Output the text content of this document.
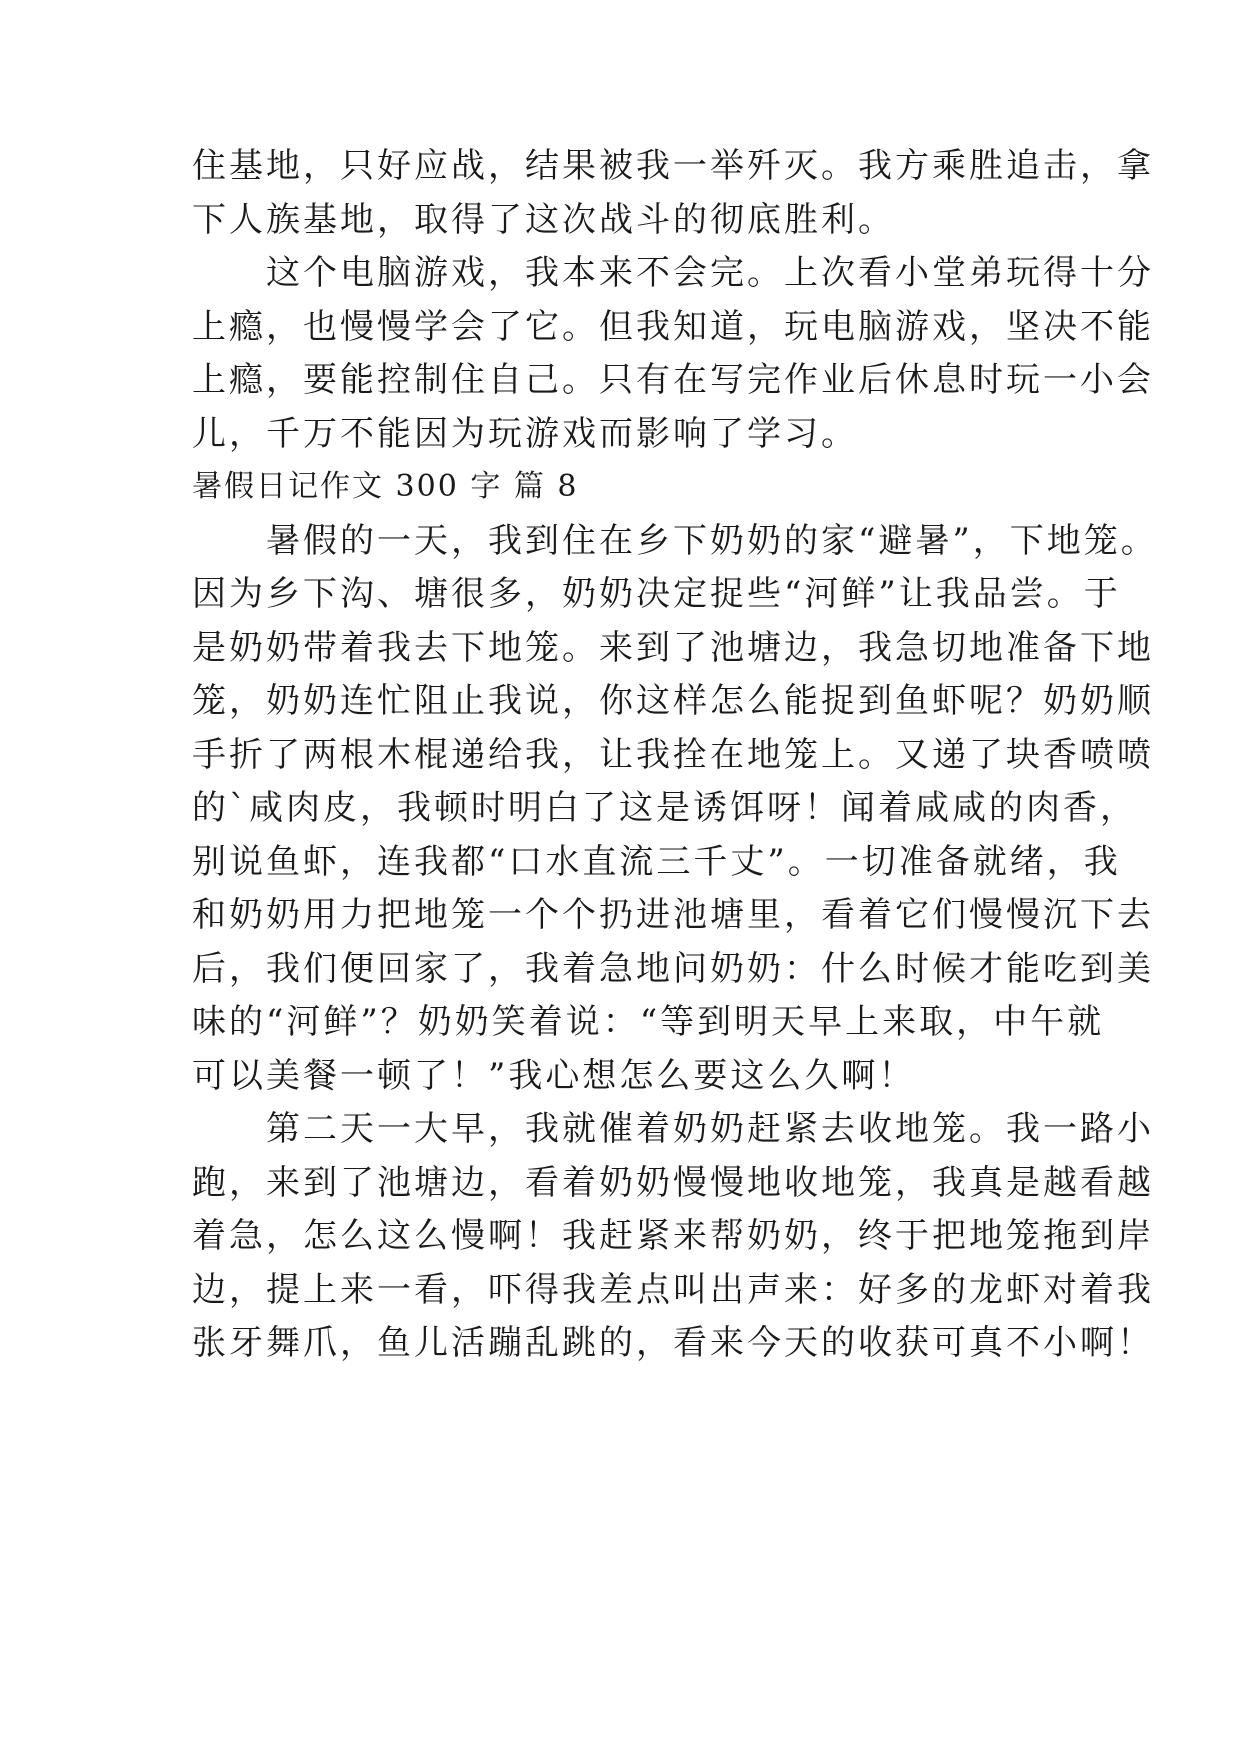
住基地，只好应战，结果被我一举歼灭。我方乘胜追击，拿
下人族基地，取得了这次战斗的彻底胜利。
　　这个电脑游戏，我本来不会完。上次看小堂弟玩得十分
上瘾，也慢慢学会了它。但我知道，玩电脑游戏，坚决不能
上瘾，要能控制住自己。只有在写完作业后休息时玩一小会
儿，千万不能因为玩游戏而影响了学习。
暑假日记作文 300 字 篇 8
　　暑假的一天，我到住在乡下奶奶的家“避暑”，下地笼。
因为乡下沟、塘很多，奶奶决定捉些“河鲜”让我品尝。于
是奶奶带着我去下地笼。来到了池塘边，我急切地准备下地
笼，奶奶连忙阻止我说，你这样怎么能捉到鱼虾呢？奶奶顺
手折了两根木棍递给我，让我拴在地笼上。又递了块香喷喷
的`咸肉皮，我顿时明白了这是诱饵呀！闻着咸咸的肉香，
别说鱼虾，连我都“口水直流三千丈”。一切准备就绪，我
和奶奶用力把地笼一个个扔进池塘里，看着它们慢慢沉下去
后，我们便回家了，我着急地问奶奶：什么时候才能吃到美
味的“河鲜”？奶奶笑着说：“等到明天早上来取，中午就
可以美餐一顿了！”我心想怎么要这么久啊！
　　第二天一大早，我就催着奶奶赶紧去收地笼。我一路小
跑，来到了池塘边，看着奶奶慢慢地收地笼，我真是越看越
着急，怎么这么慢啊！我赶紧来帮奶奶，终于把地笼拖到岸
边，提上来一看，吓得我差点叫出声来：好多的龙虾对着我
张牙舞爪，鱼儿活蹦乱跳的，看来今天的收获可真不小啊！
